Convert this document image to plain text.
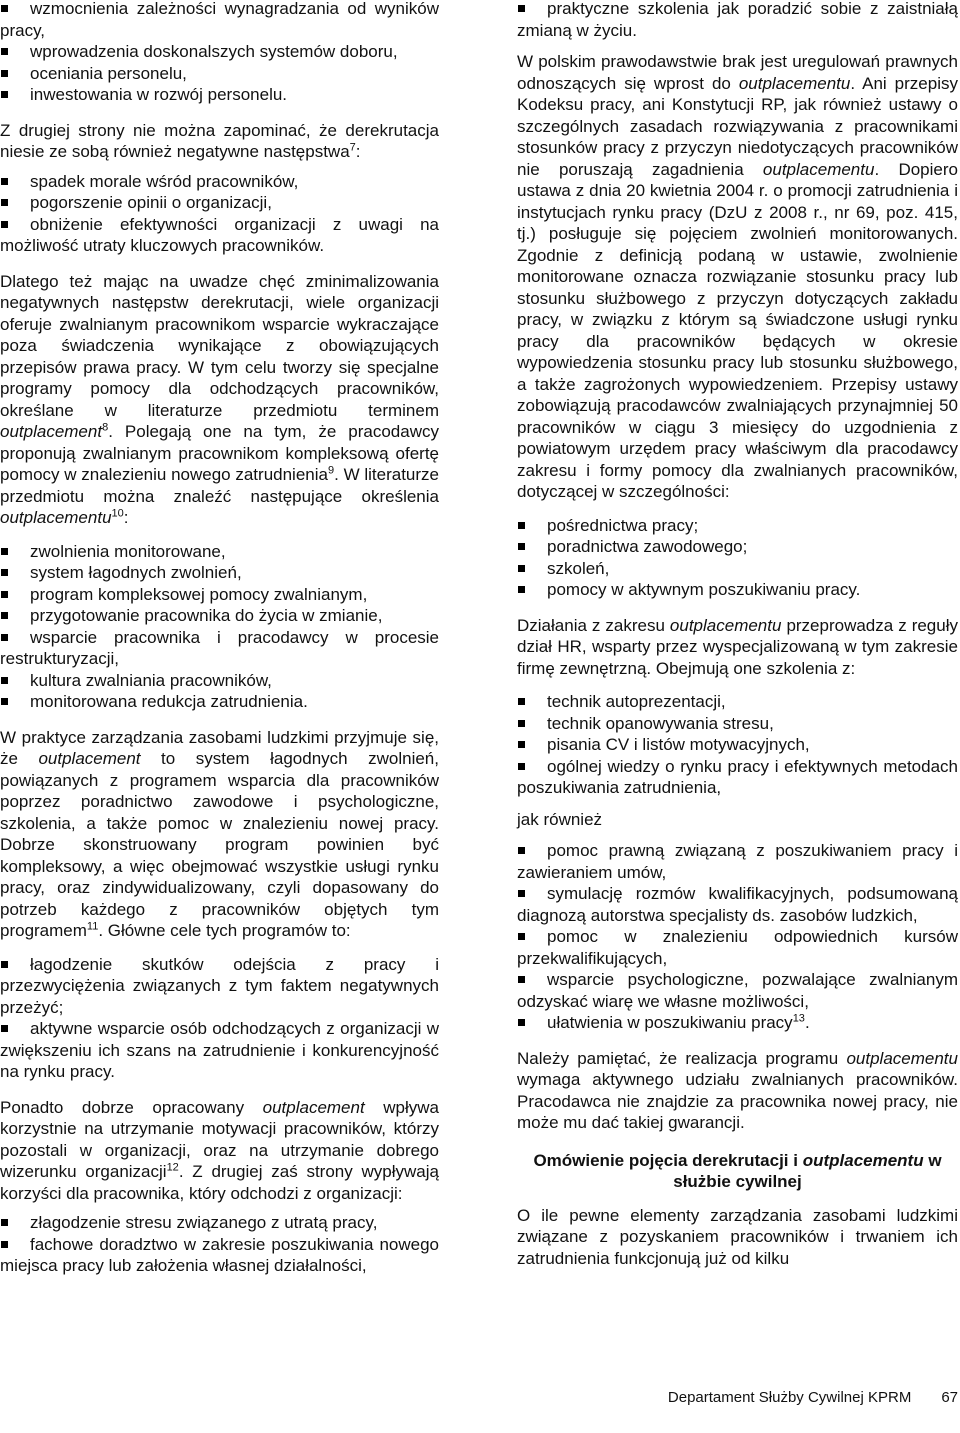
wzmocnienia zależności wynagradzania od wyników pracy,
wprowadzenia doskonalszych systemów doboru,
oceniania personelu,
inwestowania w rozwój personelu.

Z drugiej strony nie można zapominać, że derekrutacja niesie ze sobą również negatywne następstwa$^7$:

spadek morale wśród pracowników,
pogorszenie opinii o organizacji,
obniżenie efektywności organizacji z uwagi na możliwość utraty kluczowych pracowników.

Dlatego też mając na uwadze chęć zminimalizowania negatywnych następstw derekrutacji, wiele organizacji oferuje zwalnianym pracownikom wsparcie wykraczające poza świadczenia wynikające z obowiązujących przepisów prawa pracy. W tym celu tworzy się specjalne programy pomocy dla odchodzących pracowników, określane w literaturze przedmiotu terminem outplacement$^8$. Polegają one na tym, że pracodawcy proponują zwalnianym pracownikom kompleksową ofertę pomocy w znalezieniu nowego zatrudnienia$^9$. W literaturze przedmiotu można znaleźć następujące określenia outplacementu$^{10}$:

zwolnienia monitorowane,
system łagodnych zwolnień,
program kompleksowej pomocy zwalnianym,
przygotowanie pracownika do życia w zmianie,
wsparcie pracownika i pracodawcy w procesie restrukturyzacji,
kultura zwalniania pracowników,
monitorowana redukcja zatrudnienia.

W praktyce zarządzania zasobami ludzkimi przyjmuje się, że outplacement to system łagodnych zwolnień, powiązanych z programem wsparcia dla pracowników poprzez poradnictwo zawodowe i psychologiczne, szkolenia, a także pomoc w znalezieniu nowej pracy. Dobrze skonstruowany program powinien być kompleksowy, a więc obejmować wszystkie usługi rynku pracy, oraz zindywidualizowany, czyli dopasowany do potrzeb każdego z pracowników objętych tym programem$^{11}$. Główne cele tych programów to:

łagodzenie skutków odejścia z pracy i przezwyciężenia związanych z tym faktem negatywnych przeżyć;
aktywne wsparcie osób odchodzących z organizacji w zwiększeniu ich szans na zatrudnienie i konkurencyjność na rynku pracy.

Ponadto dobrze opracowany outplacement wpływa korzystnie na utrzymanie motywacji pracowników, którzy pozostali w organizacji, oraz na utrzymanie dobrego wizerunku organizacji$^{12}$. Z drugiej zaś strony wypływają korzyści dla pracownika, który odchodzi z organizacji:

złagodzenie stresu związanego z utratą pracy,
fachowe doradztwo w zakresie poszukiwania nowego miejsca pracy lub założenia własnej działalności,
praktyczne szkolenia jak poradzić sobie z zaistniałą zmianą w życiu.

W polskim prawodawstwie brak jest uregulowań prawnych odnoszących się wprost do outplacementu. Ani przepisy Kodeksu pracy, ani Konstytucji RP, jak również ustawy o szczególnych zasadach rozwiązywania z pracownikami stosunków pracy z przyczyn niedotyczących pracowników nie poruszają zagadnienia outplacementu. Dopiero ustawa z dnia 20 kwietnia 2004 r. o promocji zatrudnienia i instytucjach rynku pracy (DzU z 2008 r., nr 69, poz. 415, tj.) posługuje się pojęciem zwolnień monitorowanych. Zgodnie z definicją podaną w ustawie, zwolnienie monitorowane oznacza rozwiązanie stosunku pracy lub stosunku służbowego z przyczyn dotyczących zakładu pracy, w związku z którym są świadczone usługi rynku pracy dla pracowników będących w okresie wypowiedzenia stosunku pracy lub stosunku służbowego, a także zagrożonych wypowiedzeniem. Przepisy ustawy zobowiązują pracodawców zwalniających przynajmniej 50 pracowników w ciągu 3 miesięcy do uzgodnienia z powiatowym urzędem pracy właściwym dla pracodawcy zakresu i formy pomocy dla zwalnianych pracowników, dotyczącej w szczególności:

pośrednictwa pracy;
poradnictwa zawodowego;
szkoleń,
pomocy w aktywnym poszukiwaniu pracy.

Działania z zakresu outplacementu przeprowadza z reguły dział HR, wsparty przez wyspecjalizowaną w tym zakresie firmę zewnętrzną. Obejmują one szkolenia z:

technik autoprezentacji,
technik opanowywania stresu,
pisania CV i listów motywacyjnych,
ogólnej wiedzy o rynku pracy i efektywnych metodach poszukiwania zatrudnienia,

jak również

pomoc prawną związaną z poszukiwaniem pracy i zawieraniem umów,
symulację rozmów kwalifikacyjnych, podsumowaną diagnozą autorstwa specjalisty ds. zasobów ludzkich,
pomoc w znalezieniu odpowiednich kursów przekwalifikujących,
wsparcie psychologiczne, pozwalające zwalnianym odzyskać wiarę we własne możliwości,
ułatwienia w poszukiwaniu pracy$^{13}$.

Należy pamiętać, że realizacja programu outplacementu wymaga aktywnego udziału zwalnianych pracowników. Pracodawca nie znajdzie za pracownika nowej pracy, nie może mu dać takiej gwarancji.

Omówienie pojęcia derekrutacji i outplacementu w służbie cywilnej

O ile pewne elementy zarządzania zasobami ludzkimi związane z pozyskaniem pracowników i trwaniem ich zatrudnienia funkcjonują już od kilku

Departament Służby Cywilnej KPRM 67
